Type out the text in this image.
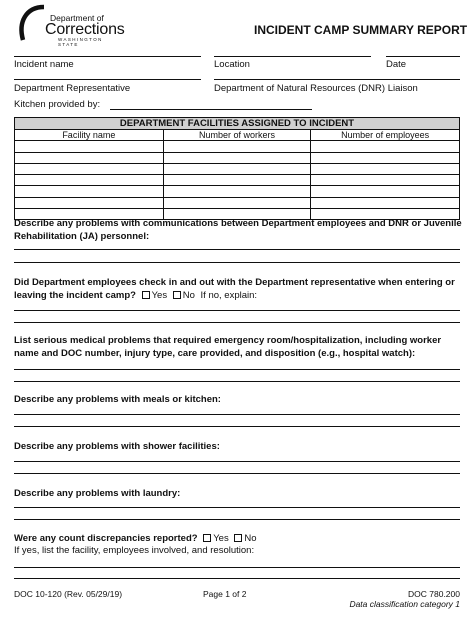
Department of
Corrections
WASHINGTON STATE
INCIDENT CAMP SUMMARY REPORT
Incident name	Location	Date
Department Representative	Department of Natural Resources (DNR) Liaison
Kitchen provided by:
DEPARTMENT FACILITIES ASSIGNED TO INCIDENT		
Facility name	Number of workers	Number of employees

Describe any problems with communications between Department employees and DNR or Juvenile Rehabilitation (JA) personnel:
Did Department employees check in and out with the Department representative when entering or leaving the incident camp? Yes No If no, explain:
List serious medical problems that required emergency room/hospitalization, including worker name and DOC number, injury type, care provided, and disposition (e.g., hospital watch):
Describe any problems with meals or kitchen:
Describe any problems with shower facilities:
Describe any problems with laundry:
Were any count discrepancies reported? Yes No
If yes, list the facility, employees involved, and resolution:
DOC 10-120 (Rev. 05/29/19)	Page 1 of 2	DOC 780.200
Data classification category 1
